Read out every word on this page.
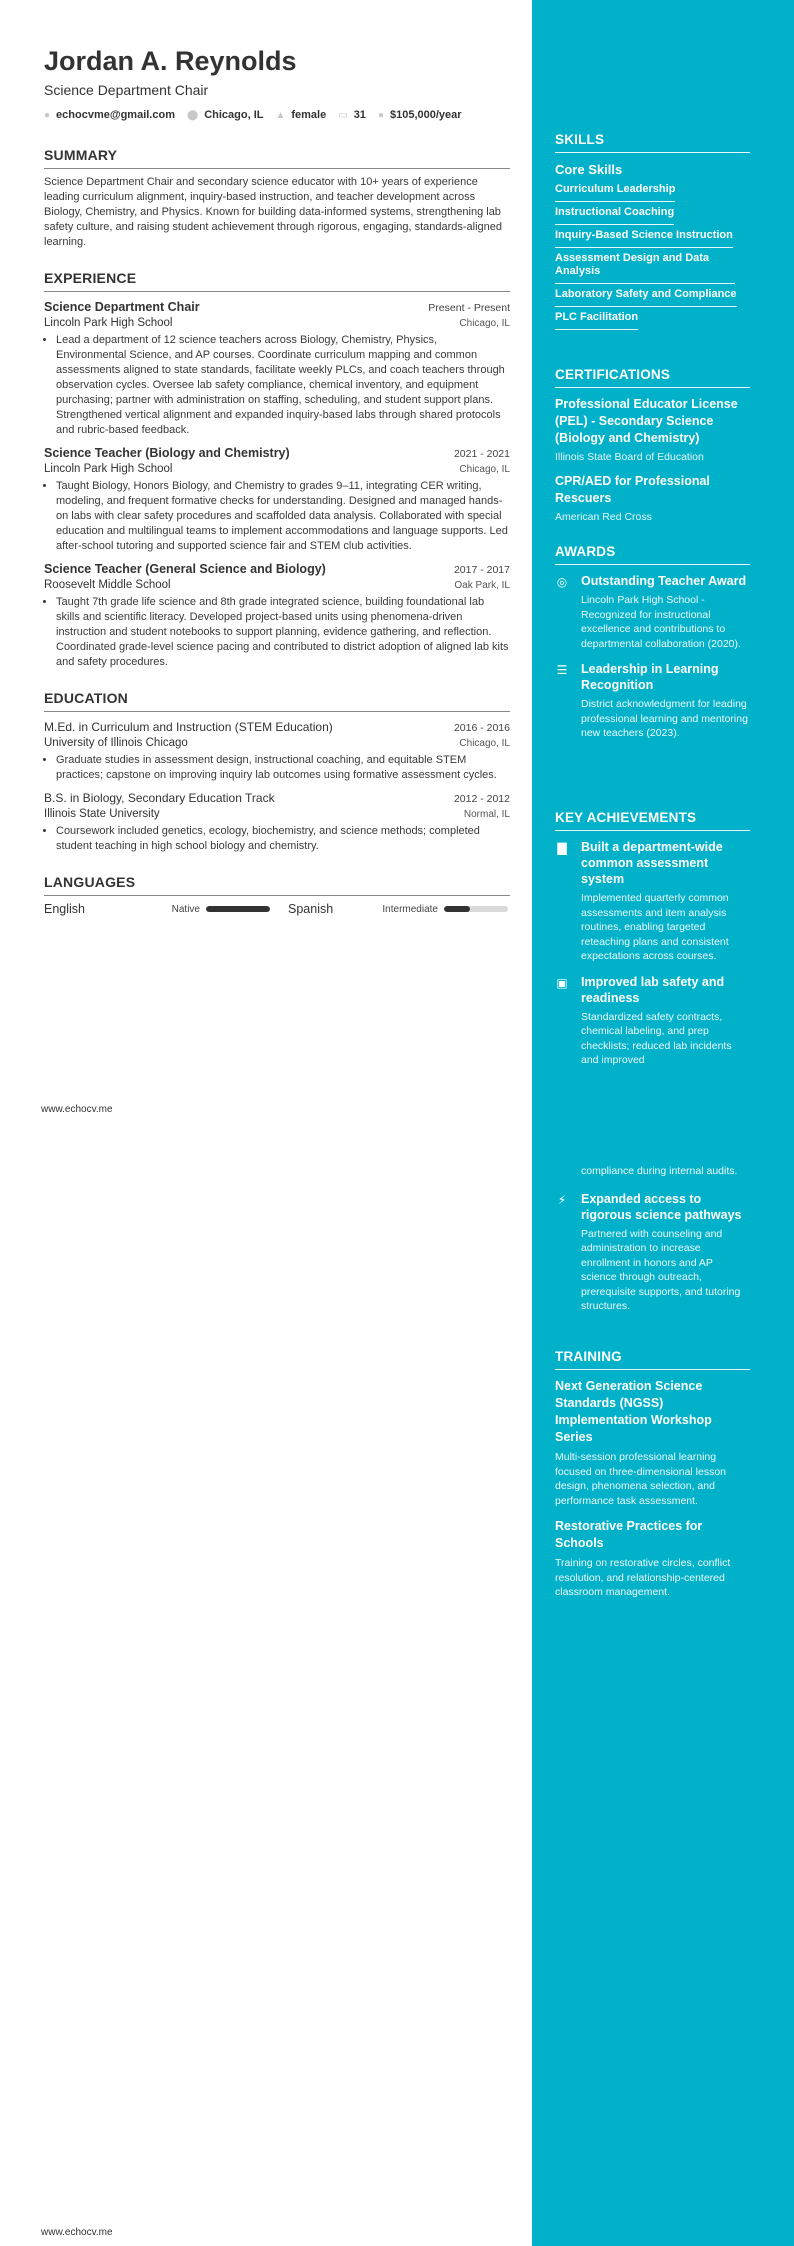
Jordan A. Reynolds
Science Department Chair
● echocvme@gmail.com ⬤ Chicago, IL ▲ female ▭ 31 ● $105,000/year
SUMMARY
Science Department Chair and secondary science educator with 10+ years of experience leading curriculum alignment, inquiry-based instruction, and teacher development across Biology, Chemistry, and Physics. Known for building data-informed systems, strengthening lab safety culture, and raising student achievement through rigorous, engaging, standards-aligned learning.
EXPERIENCE
Science Department Chair	Present - Present
Lincoln Park High School	Chicago, IL
• Lead a department of 12 science teachers across Biology, Chemistry, Physics, Environmental Science, and AP courses. Coordinate curriculum mapping and common assessments aligned to state standards, facilitate weekly PLCs, and coach teachers through observation cycles. Oversee lab safety compliance, chemical inventory, and equipment purchasing; partner with administration on staffing, scheduling, and student support plans. Strengthened vertical alignment and expanded inquiry-based labs through shared protocols and rubric-based feedback.
Science Teacher (Biology and Chemistry)	2021 - 2021
Lincoln Park High School	Chicago, IL
• Taught Biology, Honors Biology, and Chemistry to grades 9–11, integrating CER writing, modeling, and frequent formative checks for understanding. Designed and managed hands-on labs with clear safety procedures and scaffolded data analysis. Collaborated with special education and multilingual teams to implement accommodations and language supports. Led after-school tutoring and supported science fair and STEM club activities.
Science Teacher (General Science and Biology)	2017 - 2017
Roosevelt Middle School	Oak Park, IL
• Taught 7th grade life science and 8th grade integrated science, building foundational lab skills and scientific literacy. Developed project-based units using phenomena-driven instruction and student notebooks to support planning, evidence gathering, and reflection. Coordinated grade-level science pacing and contributed to district adoption of aligned lab kits and safety procedures.
EDUCATION
M.Ed. in Curriculum and Instruction (STEM Education)	2016 - 2016
University of Illinois Chicago	Chicago, IL
• Graduate studies in assessment design, instructional coaching, and equitable STEM practices; capstone on improving inquiry lab outcomes using formative assessment cycles.
B.S. in Biology, Secondary Education Track	2012 - 2012
Illinois State University	Normal, IL
• Coursework included genetics, ecology, biochemistry, and science methods; completed student teaching in high school biology and chemistry.
LANGUAGES
English	Native	Spanish	Intermediate
www.echocv.me
www.echocv.me
SKILLS
Core Skills
Curriculum Leadership
Instructional Coaching
Inquiry-Based Science Instruction
Assessment Design and Data Analysis
Laboratory Safety and Compliance
PLC Facilitation
CERTIFICATIONS
Professional Educator License (PEL) - Secondary Science (Biology and Chemistry)
Illinois State Board of Education
CPR/AED for Professional Rescuers
American Red Cross
AWARDS
◎ Outstanding Teacher Award
Lincoln Park High School - Recognized for instructional excellence and contributions to departmental collaboration (2020).
☰ Leadership in Learning Recognition
District acknowledgment for leading professional learning and mentoring new teachers (2023).
KEY ACHIEVEMENTS
▇ Built a department-wide common assessment system
Implemented quarterly common assessments and item analysis routines, enabling targeted reteaching plans and consistent expectations across courses.
▣ Improved lab safety and readiness
Standardized safety contracts, chemical labeling, and prep checklists; reduced lab incidents and improved
compliance during internal audits.
⚡ Expanded access to rigorous science pathways
Partnered with counseling and administration to increase enrollment in honors and AP science through outreach, prerequisite supports, and tutoring structures.
TRAINING
Next Generation Science Standards (NGSS) Implementation Workshop Series
Multi-session professional learning focused on three-dimensional lesson design, phenomena selection, and performance task assessment.
Restorative Practices for Schools
Training on restorative circles, conflict resolution, and relationship-centered classroom management.
